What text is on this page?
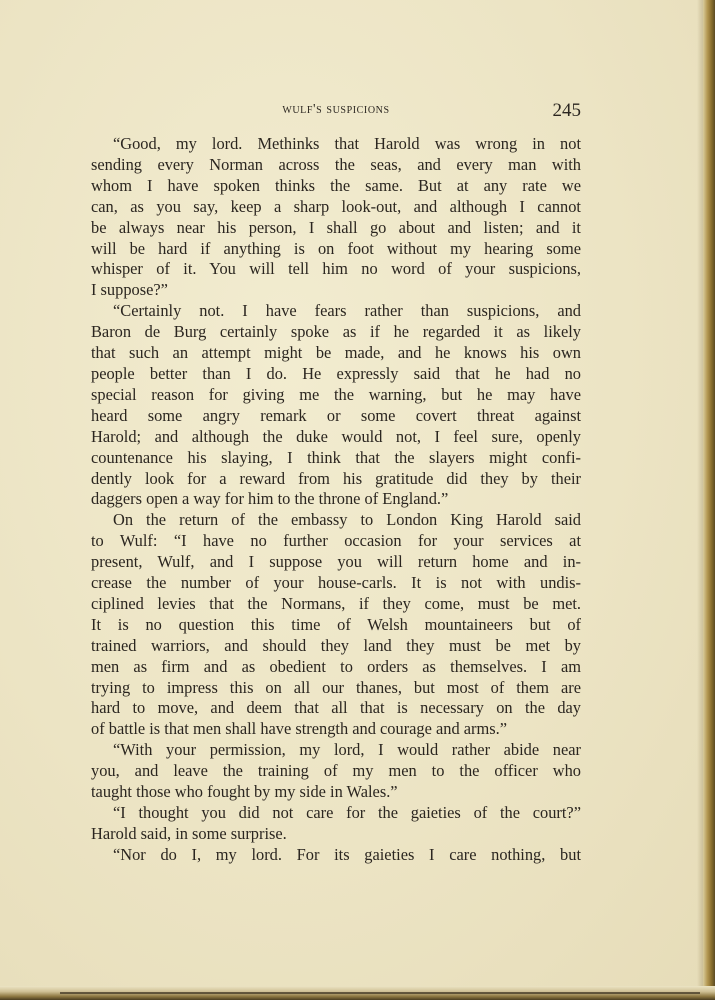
wulf's suspicions	245
“Good, my lord. Methinks that Harold was wrong in not
sending every Norman across the seas, and every man with
whom I have spoken thinks the same. But at any rate we
can, as you say, keep a sharp look-out, and although I cannot
be always near his person, I shall go about and listen; and it
will be hard if anything is on foot without my hearing some
whisper of it. You will tell him no word of your suspicions,
I suppose?”
“Certainly not. I have fears rather than suspicions, and
Baron de Burg certainly spoke as if he regarded it as likely
that such an attempt might be made, and he knows his own
people better than I do. He expressly said that he had no
special reason for giving me the warning, but he may have
heard some angry remark or some covert threat against
Harold; and although the duke would not, I feel sure, openly
countenance his slaying, I think that the slayers might confi-
dently look for a reward from his gratitude did they by their
daggers open a way for him to the throne of England.”
On the return of the embassy to London King Harold said
to Wulf: “I have no further occasion for your services at
present, Wulf, and I suppose you will return home and in-
crease the number of your house-carls. It is not with undis-
ciplined levies that the Normans, if they come, must be met.
It is no question this time of Welsh mountaineers but of
trained warriors, and should they land they must be met by
men as firm and as obedient to orders as themselves. I am
trying to impress this on all our thanes, but most of them are
hard to move, and deem that all that is necessary on the day
of battle is that men shall have strength and courage and arms.”
“With your permission, my lord, I would rather abide near
you, and leave the training of my men to the officer who
taught those who fought by my side in Wales.”
“I thought you did not care for the gaieties of the court?”
Harold said, in some surprise.
“Nor do I, my lord. For its gaieties I care nothing, but
